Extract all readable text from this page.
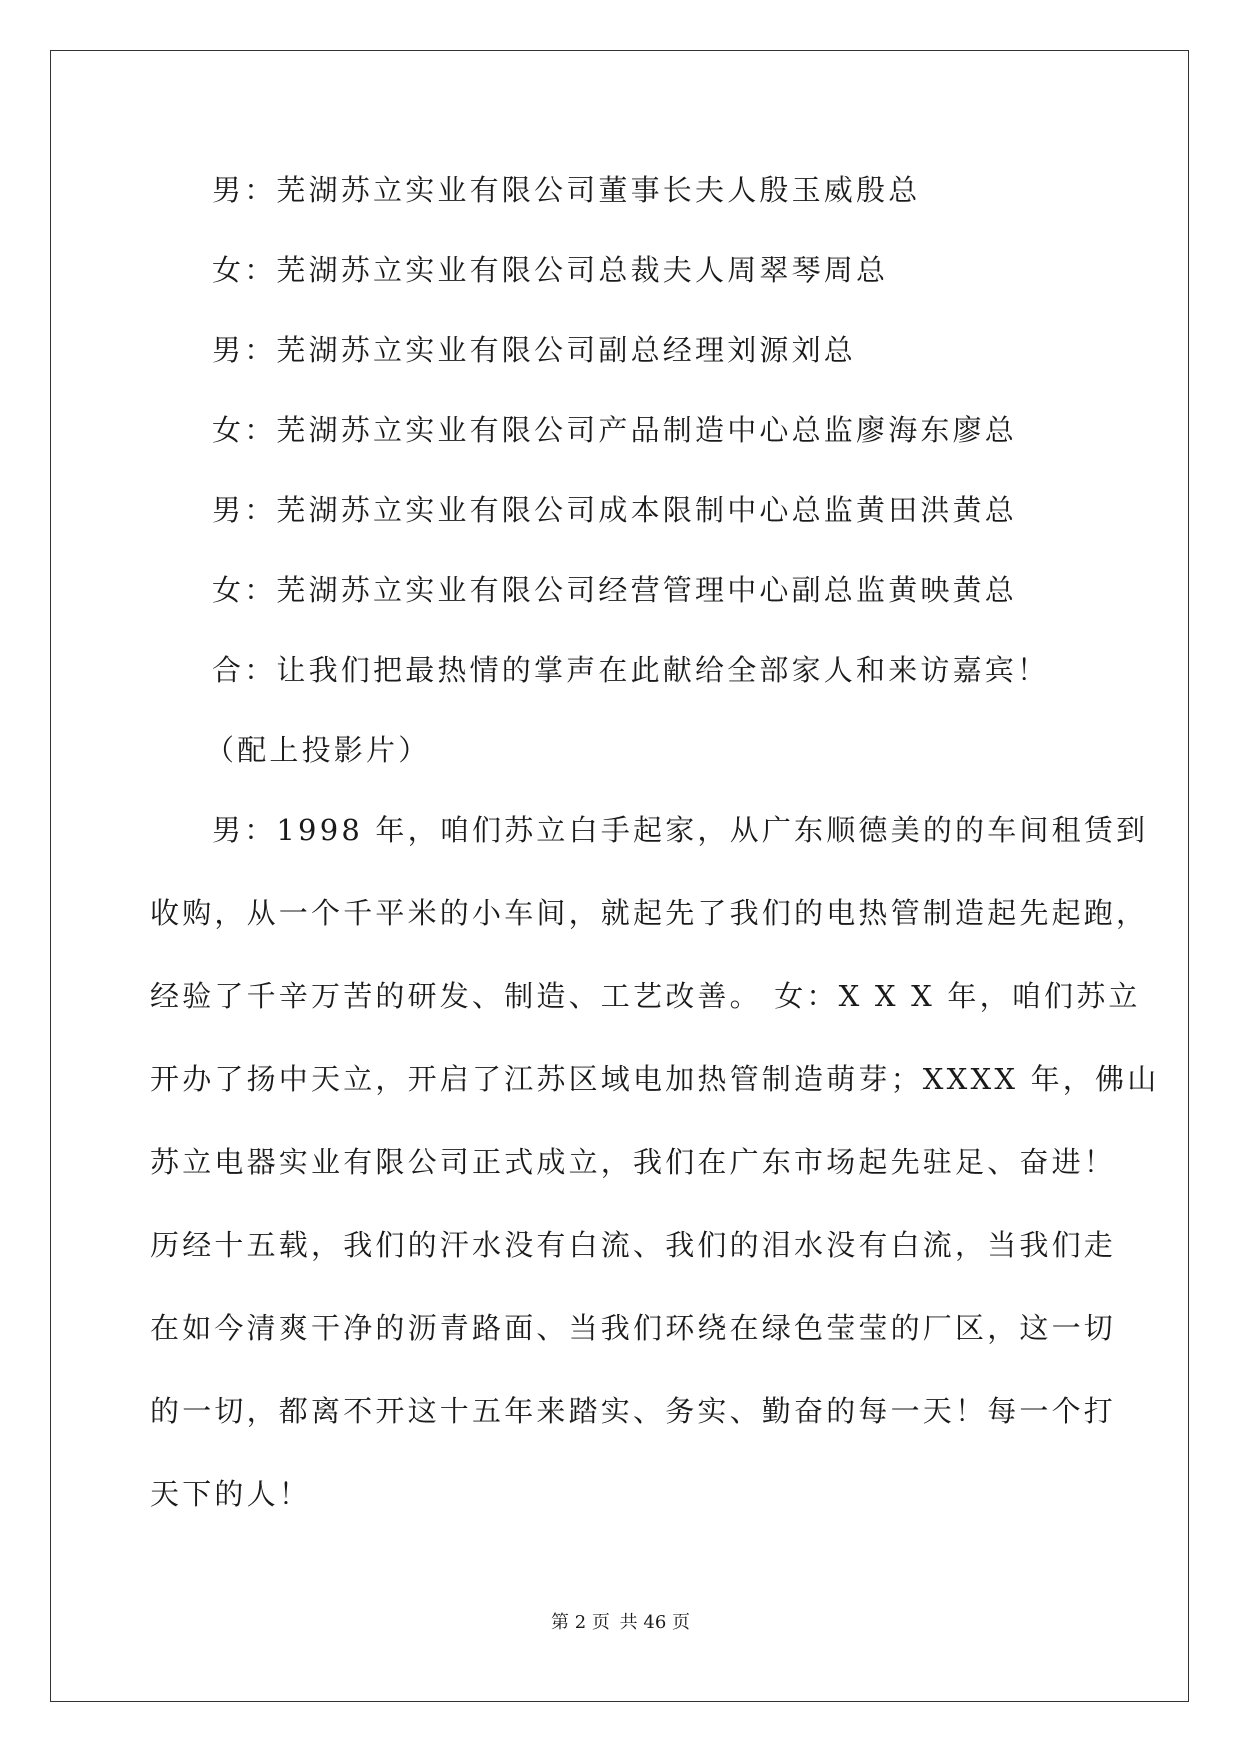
男：芜湖苏立实业有限公司董事长夫人殷玉威殷总
女：芜湖苏立实业有限公司总裁夫人周翠琴周总
男：芜湖苏立实业有限公司副总经理刘源刘总
女：芜湖苏立实业有限公司产品制造中心总监廖海东廖总
男：芜湖苏立实业有限公司成本限制中心总监黄田洪黄总
女：芜湖苏立实业有限公司经营管理中心副总监黄映黄总
合：让我们把最热情的掌声在此献给全部家人和来访嘉宾！
（配上投影片）
男：1998 年，咱们苏立白手起家，从广东顺德美的的车间租赁到
收购，从一个千平米的小车间，就起先了我们的电热管制造起先起跑，
经验了千辛万苦的研发、制造、工艺改善。 女：X X X 年，咱们苏立
开办了扬中天立，开启了江苏区域电加热管制造萌芽；XXXX 年，佛山
苏立电器实业有限公司正式成立，我们在广东市场起先驻足、奋进！
历经十五载，我们的汗水没有白流、我们的泪水没有白流，当我们走
在如今清爽干净的沥青路面、当我们环绕在绿色莹莹的厂区，这一切
的一切，都离不开这十五年来踏实、务实、勤奋的每一天！每一个打
天下的人！
第 2 页 共 46 页
